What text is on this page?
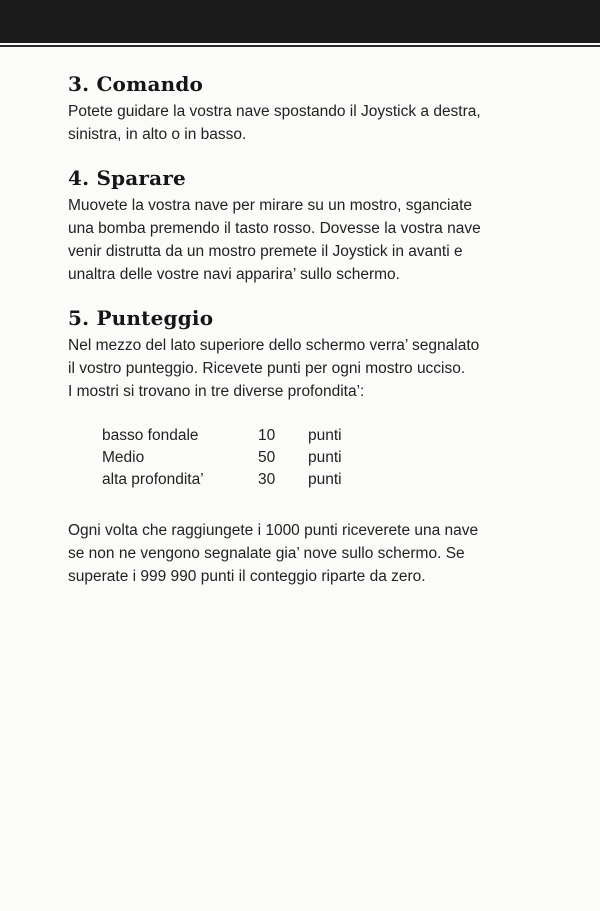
3. Comando

Potete guidare la vostra nave spostando il Joystick a destra,
sinistra, in alto o in basso.

4. Sparare

Muovete la vostra nave per mirare su un mostro, sganciate
una bomba premendo il tasto rosso. Dovesse la vostra nave
venir distrutta da un mostro premete il Joystick in avanti e
unaltra delle vostre navi apparira’ sullo schermo.

5. Punteggio

Nel mezzo del lato superiore dello schermo verra’ segnalato
il vostro punteggio. Ricevete punti per ogni mostro ucciso.
I mostri si trovano in tre diverse profondita’:

basso fondale	10	punti
Medio	50	punti
alta profondita’	30	punti

Ogni volta che raggiungete i 1000 punti riceverete una nave
se non ne vengono segnalate gia’ nove sullo schermo. Se
superate i 999 990 punti il conteggio riparte da zero.
